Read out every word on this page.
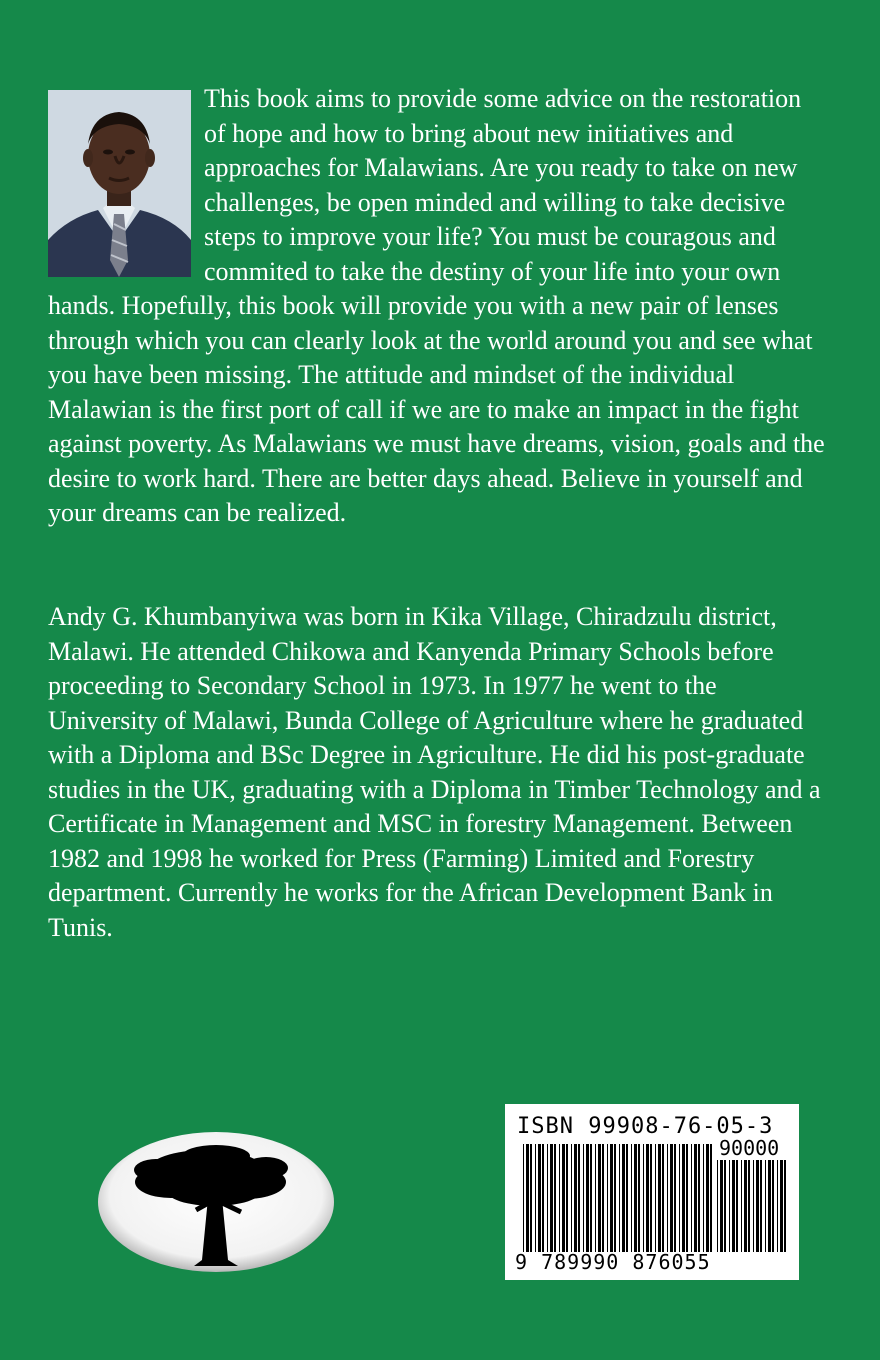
This book aims to provide some advice on the restoration of hope and how to bring about new initiatives and approaches for Malawians. Are you ready to take on new challenges, be open minded and willing to take decisive steps to improve your life? You must be couragous and commited to take the destiny of your life into your own hands. Hopefully, this book will provide you with a new pair of lenses through which you can clearly look at the world around you and see what you have been missing. The attitude and mindset of the individual Malawian is the first port of call if we are to make an impact in the fight against poverty. As Malawians we must have dreams, vision, goals and the desire to work hard. There are better days ahead. Believe in yourself and your dreams can be realized.

Andy G. Khumbanyiwa was born in Kika Village, Chiradzulu district, Malawi. He attended Chikowa and Kanyenda Primary Schools before proceeding to Secondary School in 1973. In 1977 he went to the University of Malawi, Bunda College of Agriculture where he graduated with a Diploma and BSc Degree in Agriculture. He did his post-graduate studies in the UK, graduating with a Diploma in Timber Technology and a Certificate in Management and MSC in forestry Management. Between 1982 and 1998 he worked for Press (Farming) Limited and Forestry department. Currently he works for the African Development Bank in Tunis.

ISBN 99908-76-05-3
90000
9 789990 876055
